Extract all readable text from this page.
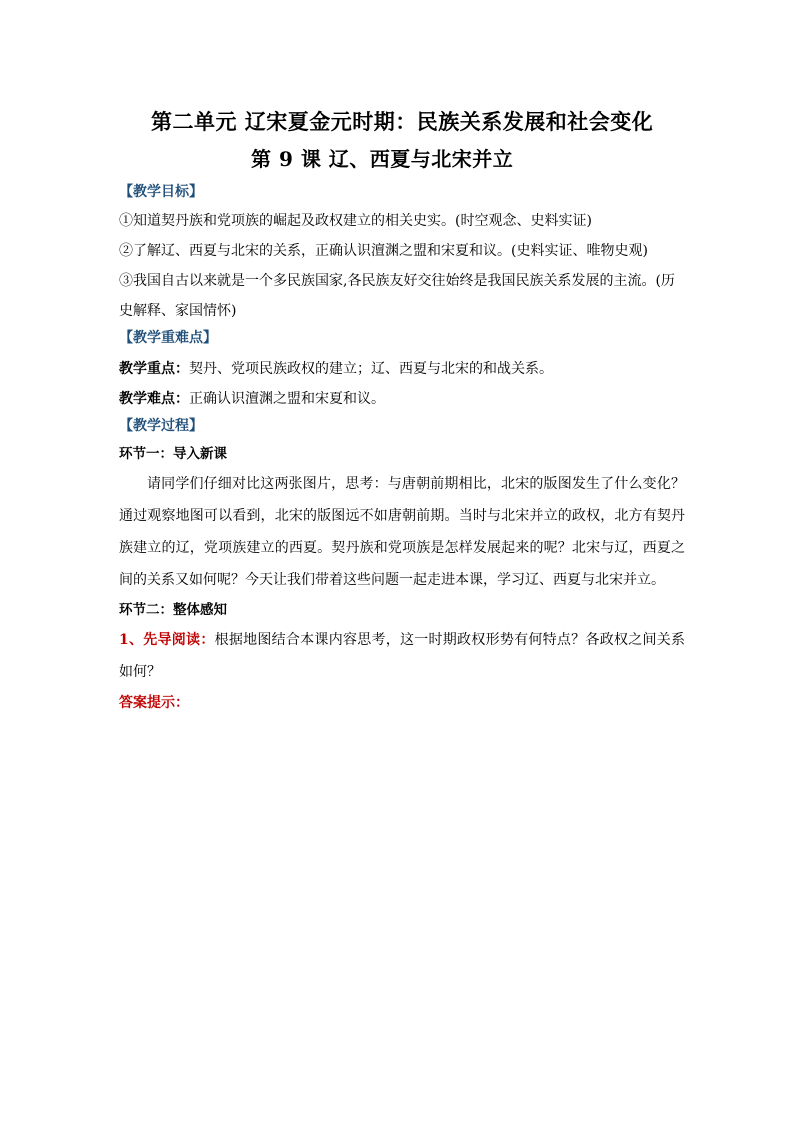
第二单元 辽宋夏金元时期：民族关系发展和社会变化
第 9 课 辽、西夏与北宋并立
【教学目标】
①知道契丹族和党项族的崛起及政权建立的相关史实。(时空观念、史料实证)
②了解辽、西夏与北宋的关系，正确认识澶渊之盟和宋夏和议。(史料实证、唯物史观)
③我国自古以来就是一个多民族国家,各民族友好交往始终是我国民族关系发展的主流。(历史解释、家国情怀)
【教学重难点】
教学重点：契丹、党项民族政权的建立；辽、西夏与北宋的和战关系。
教学难点：正确认识澶渊之盟和宋夏和议。
【教学过程】
环节一：导入新课
请同学们仔细对比这两张图片，思考：与唐朝前期相比，北宋的版图发生了什么变化？通过观察地图可以看到，北宋的版图远不如唐朝前期。当时与北宋并立的政权，北方有契丹族建立的辽，党项族建立的西夏。契丹族和党项族是怎样发展起来的呢？北宋与辽，西夏之间的关系又如何呢？今天让我们带着这些问题一起走进本课，学习辽、西夏与北宋并立。
环节二：整体感知
1、先导阅读：根据地图结合本课内容思考，这一时期政权形势有何特点？各政权之间关系如何？
答案提示：
